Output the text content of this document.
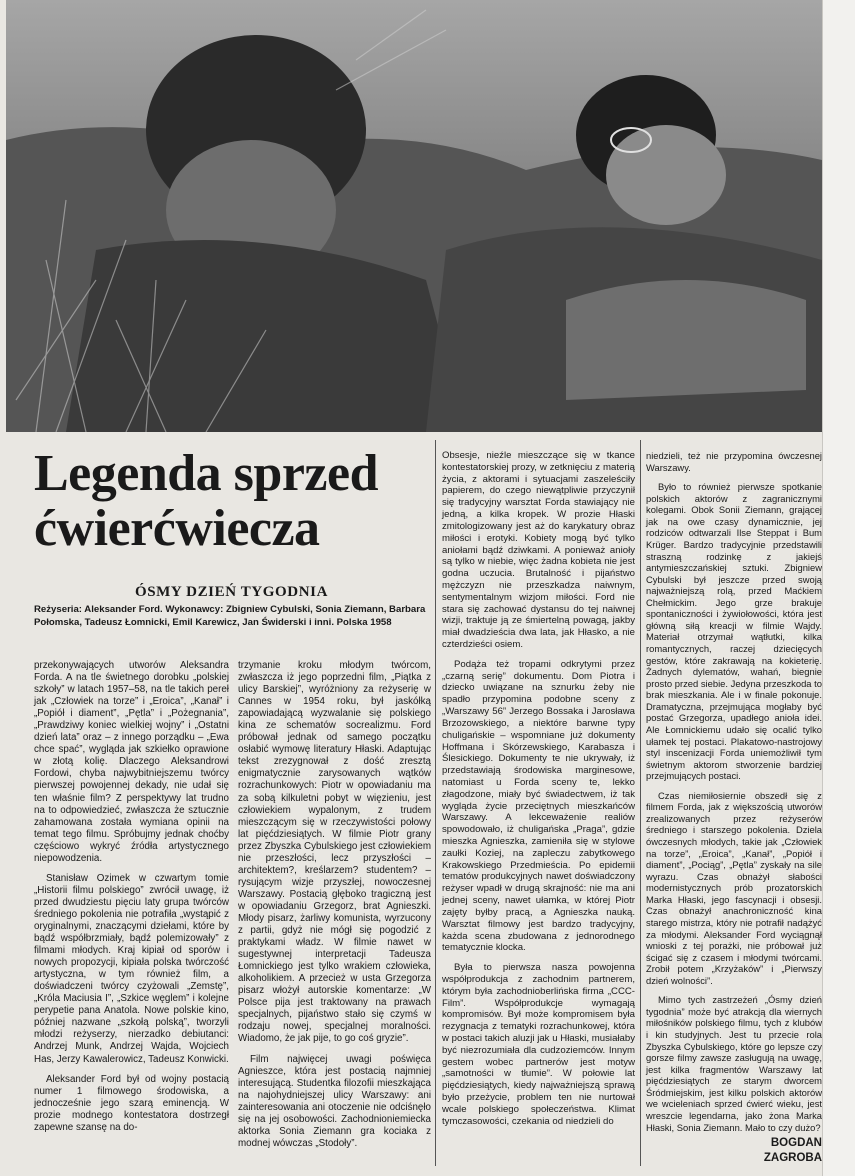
Legenda sprzed ćwierćwiecza
ÓSMY DZIEŃ TYGODNIA
Reżyseria: Aleksander Ford. Wykonawcy: Zbigniew Cybulski, Sonia Ziemann, Barbara Połomska, Tadeusz Łomnicki, Emil Karewicz, Jan Świderski i inni. Polska 1958

przekonywających utworów Aleksandra Forda. A na tle świetnego dorobku „polskiej szkoły” w latach 1957–58, na tle takich pereł jak „Człowiek na torze” i „Eroica”, „Kanał” i „Popiół i diament”, „Pętla” i „Pożegnania”, „Prawdziwy koniec wielkiej wojny” i „Ostatni dzień lata” oraz – z innego porządku – „Ewa chce spać”, wygląda jak szkiełko oprawione w złotą kolię. Dlaczego Aleksandrowi Fordowi, chyba najwybitniejszemu twórcy pierwszej powojennej dekady, nie udał się ten właśnie film? Z perspektywy lat trudno na to odpowiedzieć, zwłaszcza że sztucznie zahamowana została wymiana opinii na temat tego filmu. Spróbujmy jednak choćby częściowo wykryć źródła artystycznego niepowodzenia.

Stanisław Ozimek w czwartym tomie „Historii filmu polskiego” zwrócił uwagę, iż przed dwudziestu pięciu laty grupa twórców średniego pokolenia nie potrafiła „wystąpić z oryginalnymi, znaczącymi dziełami, które by bądź współbrzmiały, bądź polemizowały” z filmami młodych. Kraj kipiał od sporów i nowych propozycji, kipiała polska twórczość artystyczna, w tym również film, a doświadczeni twórcy czyżowali „Zemstę”, „Króla Maciusia I”, „Szkice węglem” i kolejne perypetie pana Anatola. Nowe polskie kino, później nazwane „szkołą polską”, tworzyli młodzi reżyserzy, nierzadko debiutanci: Andrzej Munk, Andrzej Wajda, Wojciech Has, Jerzy Kawalerowicz, Tadeusz Konwicki.

Aleksander Ford był od wojny postacią numer 1 filmowego środowiska, a jednocześnie jego szarą eminencją. W prozie modnego kontestatora dostrzegł zapewne szansę na do-

trzymanie kroku młodym twórcom, zwłaszcza iż jego poprzedni film, „Piątka z ulicy Barskiej”, wyróżniony za reżyserię w Cannes w 1954 roku, był jaskółką zapowiadającą wyzwalanie się polskiego kina ze schematów socrealizmu. Ford próbował jednak od samego początku osłabić wymowę literatury Hłaski. Adaptując tekst zrezygnował z dość zresztą enigmatycznie zarysowanych wątków rozrachunkowych: Piotr w opowiadaniu ma za sobą kilkuletni pobyt w więzieniu, jest człowiekiem wypalonym, z trudem mieszczącym się w rzeczywistości połowy lat pięćdziesiątych. W filmie Piotr grany przez Zbyszka Cybulskiego jest człowiekiem nie przeszłości, lecz przyszłości – architektem?, kreślarzem? studentem? – rysującym wizje przyszłej, nowoczesnej Warszawy. Postacią głęboko tragiczną jest w opowiadaniu Grzegorz, brat Agnieszki. Młody pisarz, żarliwy komunista, wyrzucony z partii, gdyż nie mógł się pogodzić z praktykami władz. W filmie nawet w sugestywnej interpretacji Tadeusza Łomnickiego jest tylko wrakiem człowieka, alkoholikiem. A przecież w usta Grzegorza pisarz włożył autorskie komentarze: „W Polsce pija jest traktowany na prawach specjalnych, pijaństwo stało się czymś w rodzaju nowej, specjalnej moralności. Wiadomo, że jak pije, to go coś gryzie”.

Film najwięcej uwagi poświęca Agnieszce, która jest postacią najmniej interesującą. Studentka filozofii mieszkająca na najohydniejszej ulicy Warszawy: ani zainteresowania ani otoczenie nie odciśnęło się na jej osobowości. Zachodnioniemiecka aktorka Sonia Ziemann gra kociaka z modnej wówczas „Stodoły”.

Obsesje, nieźle mieszczące się w tkance kontestatorskiej prozy, w zetknięciu z materią życia, z aktorami i sytuacjami zaszeleściły papierem, do czego niewątpliwie przyczynił się tradycyjny warsztat Forda stawiający nie jedną, a kilka kropek. W prozie Hłaski zmitologizowany jest aż do karykatury obraz miłości i erotyki. Kobiety mogą być tylko aniołami bądź dziwkami. A ponieważ anioły są tylko w niebie, więc żadna kobieta nie jest godna uczucia. Brutalność i pijaństwo mężczyzn nie przeszkadza naiwnym, sentymentalnym wizjom miłości. Ford nie stara się zachować dystansu do tej naiwnej wizji, traktuje ją ze śmiertelną powagą, jakby miał dwadzieścia dwa lata, jak Hłasko, a nie czterdzieści osiem.

Podąża też tropami odkrytymi przez „czarną serię” dokumentu. Dom Piotra i dziecko uwiązane na sznurku żeby nie spadło przypomina podobne sceny z „Warszawy 56” Jerzego Bossaka i Jarosława Brzozowskiego, a niektóre barwne typy chuligańskie – wspomniane już dokumenty Hoffmana i Skórzewskiego, Karabasza i Ślesickiego. Dokumenty te nie ukrywały, iż przedstawiają środowiska marginesowe, natomiast u Forda sceny te, lekko złagodzone, miały być świadectwem, iż tak wygląda życie przeciętnych mieszkańców Warszawy. A lekceważenie realiów spowodowało, iż chuligańska „Praga”, gdzie mieszka Agnieszka, zamieniła się w stylowe zaułki Koziej, na zapleczu zabytkowego Krakowskiego Przedmieścia. Po epidemii tematów produkcyjnych nawet doświadczony reżyser wpadł w drugą skrajność: nie ma ani jednej sceny, nawet ułamka, w której Piotr zajęty byłby pracą, a Agnieszka nauką. Warsztat filmowy jest bardzo tradycyjny, każda scena zbudowana z jednorodnego tematycznie klocka.

Była to pierwsza nasza powojenna współprodukcja z zachodnim partnerem, którym była zachodnioberlińska firma „CCC-Film”. Współprodukcje wymagają kompromisów. Był może kompromisem była rezygnacja z tematyki rozrachunkowej, która w postaci takich aluzji jak u Hłaski, musiałaby być niezrozumiała dla cudzoziemców. Innym gestem wobec partnerów jest motyw „samotności w tłumie”. W połowie lat pięćdziesiątych, kiedy najważniejszą sprawą było przeżycie, problem ten nie nurtował wcale polskiego społeczeństwa. Klimat tymczasowości, czekania od niedzieli do

niedzieli, też nie przypomina ówczesnej Warszawy.

Było to również pierwsze spotkanie polskich aktorów z zagranicznymi kolegami. Obok Sonii Ziemann, grającej jak na owe czasy dynamicznie, jej rodziców odtwarzali Ilse Steppat i Bum Krüger. Bardzo tradycyjnie przedstawili straszną rodzinkę z jakiejś antymieszczańskiej sztuki. Zbigniew Cybulski był jeszcze przed swoją najważniejszą rolą, przed Maćkiem Chełmickim. Jego grze brakuje spontaniczności i żywiołowości, która jest główną siłą kreacji w filmie Wajdy. Materiał otrzymał wątłutki, kilka romantycznych, raczej dziecięcych gestów, które zakrawają na kokieterię. Żadnych dylematów, wahań, biegnie prosto przed siebie. Jedyna przeszkoda to brak mieszkania. Ale i w finale pokonuje. Dramatyczna, przejmująca mogłaby być postać Grzegorza, upadłego anioła idei. Ale Łomnickiemu udało się ocalić tylko ułamek tej postaci. Plakatowo-nastrojowy styl inscenizacji Forda uniemożliwił tym świetnym aktorom stworzenie bardziej przejmujących postaci.

Czas niemiłosiernie obszedł się z filmem Forda, jak z większością utworów zrealizowanych przez reżyserów średniego i starszego pokolenia. Dziela ówczesnych młodych, takie jak „Człowiek na torze”, „Eroica”, „Kanał”, „Popiół i diament”, „Pociąg”, „Pętla” zyskały na sile wyrazu. Czas obnażył słabości modernistycznych prób prozatorskich Marka Hłaski, jego fascynacji i obsesji. Czas obnażył anachroniczność kina starego mistrza, który nie potrafił nadążyć za młodymi. Aleksander Ford wyciągnął wnioski z tej porażki, nie próbował już ścigać się z czasem i młodymi twórcami. Zrobił potem „Krzyżaków” i „Pierwszy dzień wolności”.

Mimo tych zastrzeżeń „Ósmy dzień tygodnia” może być atrakcją dla wiernych miłośników polskiego filmu, tych z klubów i kin studyjnych. Jest tu przecie rola Zbyszka Cybulskiego, które go lepsze czy gorsze filmy zawsze zasługują na uwagę, jest kilka fragmentów Warszawy lat pięćdziesiątych ze starym dworcem Śródmiejskim, jest kilku polskich aktorów we wcieleniach sprzed ćwierć wieku, jest wreszcie legendarna, jako żona Marka Hłaski, Sonia Ziemann. Mało to czy dużo?

BOGDAN
ZAGROBA
